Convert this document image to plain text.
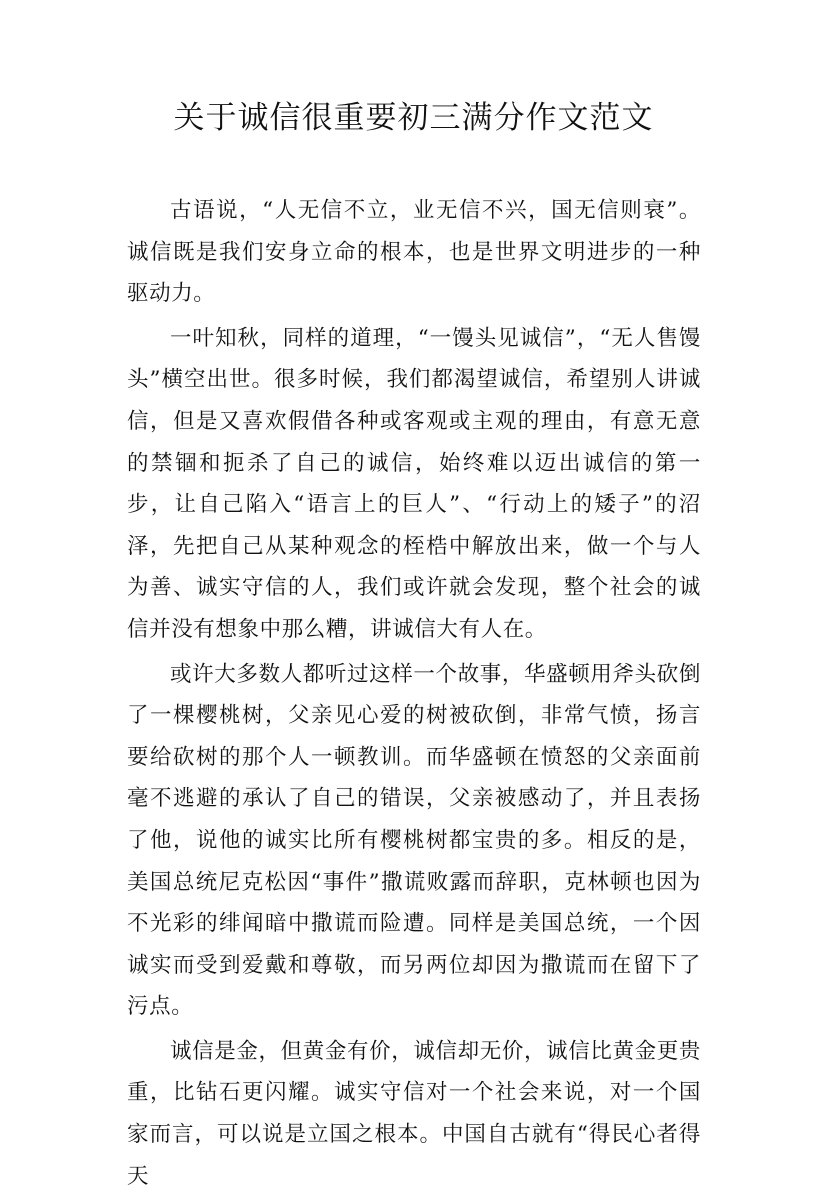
关于诚信很重要初三满分作文范文

古语说，“人无信不立，业无信不兴，国无信则衰”。诚信既是我们安身立命的根本，也是世界文明进步的一种驱动力。

一叶知秋，同样的道理，“一馒头见诚信”，“无人售馒头”横空出世。很多时候，我们都渴望诚信，希望别人讲诚信，但是又喜欢假借各种或客观或主观的理由，有意无意的禁锢和扼杀了自己的诚信，始终难以迈出诚信的第一步，让自己陷入“语言上的巨人”、“行动上的矮子”的沼泽，先把自己从某种观念的桎梏中解放出来，做一个与人为善、诚实守信的人，我们或许就会发现，整个社会的诚信并没有想象中那么糟，讲诚信大有人在。

或许大多数人都听过这样一个故事，华盛顿用斧头砍倒了一棵樱桃树，父亲见心爱的树被砍倒，非常气愤，扬言要给砍树的那个人一顿教训。而华盛顿在愤怒的父亲面前毫不逃避的承认了自己的错误，父亲被感动了，并且表扬了他，说他的诚实比所有樱桃树都宝贵的多。相反的是，美国总统尼克松因“事件”撒谎败露而辞职，克林顿也因为不光彩的绯闻暗中撒谎而险遭。同样是美国总统，一个因诚实而受到爱戴和尊敬，而另两位却因为撒谎而在留下了污点。

诚信是金，但黄金有价，诚信却无价，诚信比黄金更贵重，比钻石更闪耀。诚实守信对一个社会来说，对一个国家而言，可以说是立国之根本。中国自古就有“得民心者得天
